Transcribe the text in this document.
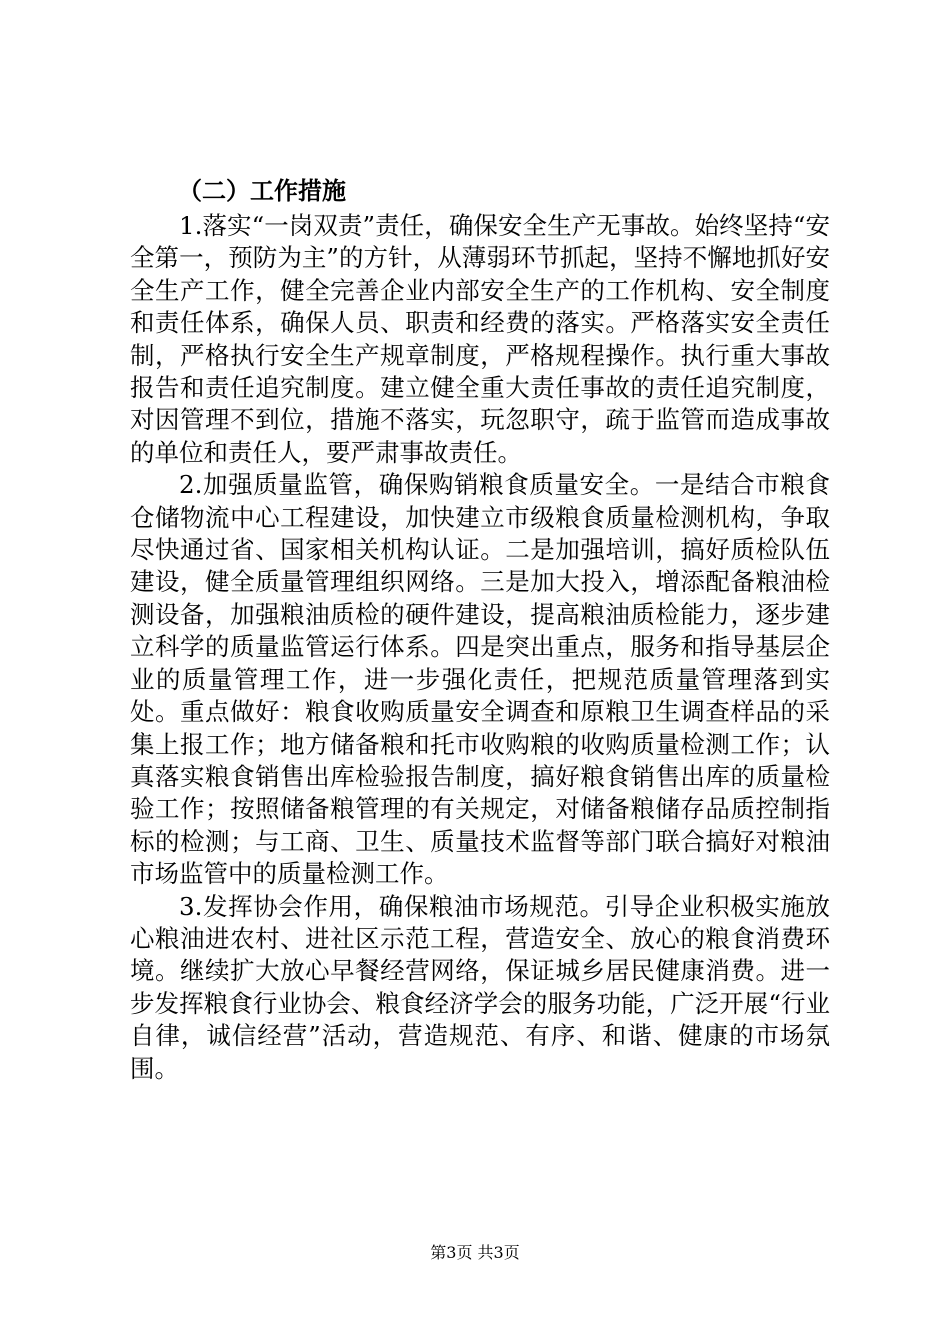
（二）工作措施

1.落实“一岗双责”责任，确保安全生产无事故。始终坚持“安全第一，预防为主”的方针，从薄弱环节抓起，坚持不懈地抓好安全生产工作，健全完善企业内部安全生产的工作机构、安全制度和责任体系，确保人员、职责和经费的落实。严格落实安全责任制，严格执行安全生产规章制度，严格规程操作。执行重大事故报告和责任追究制度。建立健全重大责任事故的责任追究制度，对因管理不到位，措施不落实，玩忽职守，疏于监管而造成事故的单位和责任人，要严肃事故责任。

2.加强质量监管，确保购销粮食质量安全。一是结合市粮食仓储物流中心工程建设，加快建立市级粮食质量检测机构，争取尽快通过省、国家相关机构认证。二是加强培训，搞好质检队伍建设，健全质量管理组织网络。三是加大投入，增添配备粮油检测设备，加强粮油质检的硬件建设，提高粮油质检能力，逐步建立科学的质量监管运行体系。四是突出重点，服务和指导基层企业的质量管理工作，进一步强化责任，把规范质量管理落到实处。重点做好：粮食收购质量安全调查和原粮卫生调查样品的采集上报工作；地方储备粮和托市收购粮的收购质量检测工作；认真落实粮食销售出库检验报告制度，搞好粮食销售出库的质量检验工作；按照储备粮管理的有关规定，对储备粮储存品质控制指标的检测；与工商、卫生、质量技术监督等部门联合搞好对粮油市场监管中的质量检测工作。

3.发挥协会作用，确保粮油市场规范。引导企业积极实施放心粮油进农村、进社区示范工程，营造安全、放心的粮食消费环境。继续扩大放心早餐经营网络，保证城乡居民健康消费。进一步发挥粮食行业协会、粮食经济学会的服务功能，广泛开展“行业自律，诚信经营”活动，营造规范、有序、和谐、健康的市场氛围。

第3页 共3页
